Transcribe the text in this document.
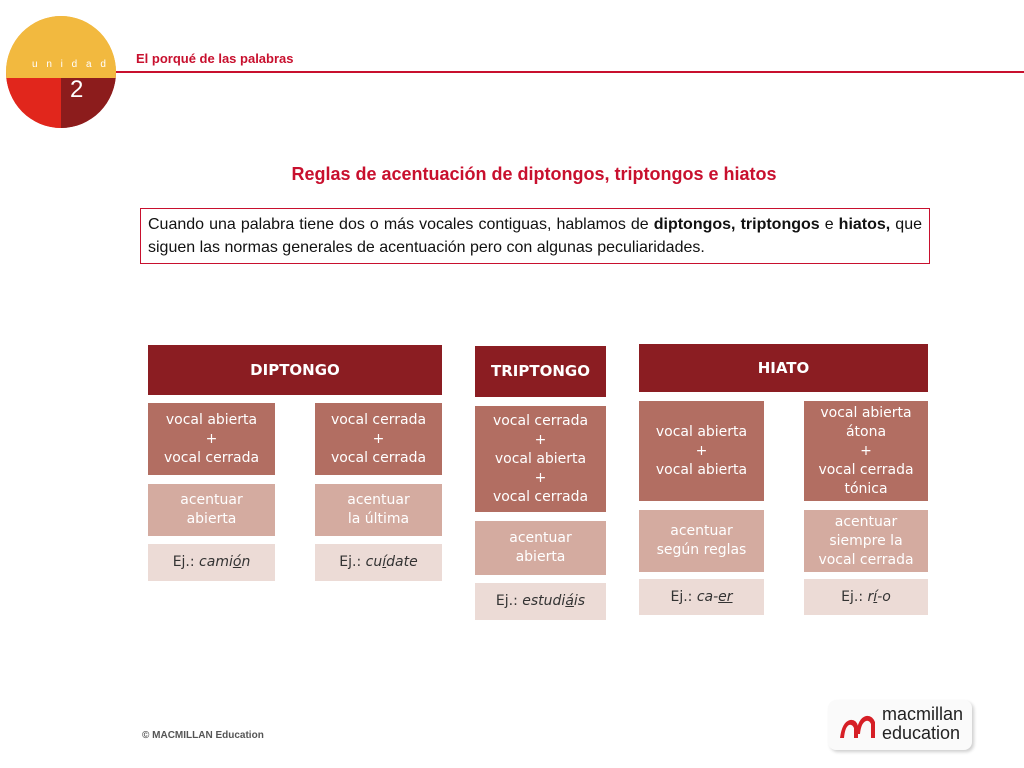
u n i d a d
2
El porqué de las palabras
Reglas de acentuación de diptongos, triptongos e hiatos
Cuando una palabra tiene dos o más vocales contiguas, hablamos de diptongos, triptongos e hiatos, que siguen las normas generales de acentuación pero con algunas peculiaridades.
DIPTONGO
vocal abierta
+
vocal cerrada
acentuar
abierta
Ej.: camión
vocal cerrada
+
vocal cerrada
acentuar
la última
Ej.: cuídate
TRIPTONGO
vocal cerrada
+
vocal abierta
+
vocal cerrada
acentuar
abierta
Ej.: estudiáis
HIATO
vocal abierta
+
vocal abierta
acentuar
según reglas
Ej.: ca-er
vocal abierta
átona
+
vocal cerrada
tónica
acentuar
siempre la
vocal cerrada
Ej.: rí-o
© MACMILLAN Education
macmillan
education
